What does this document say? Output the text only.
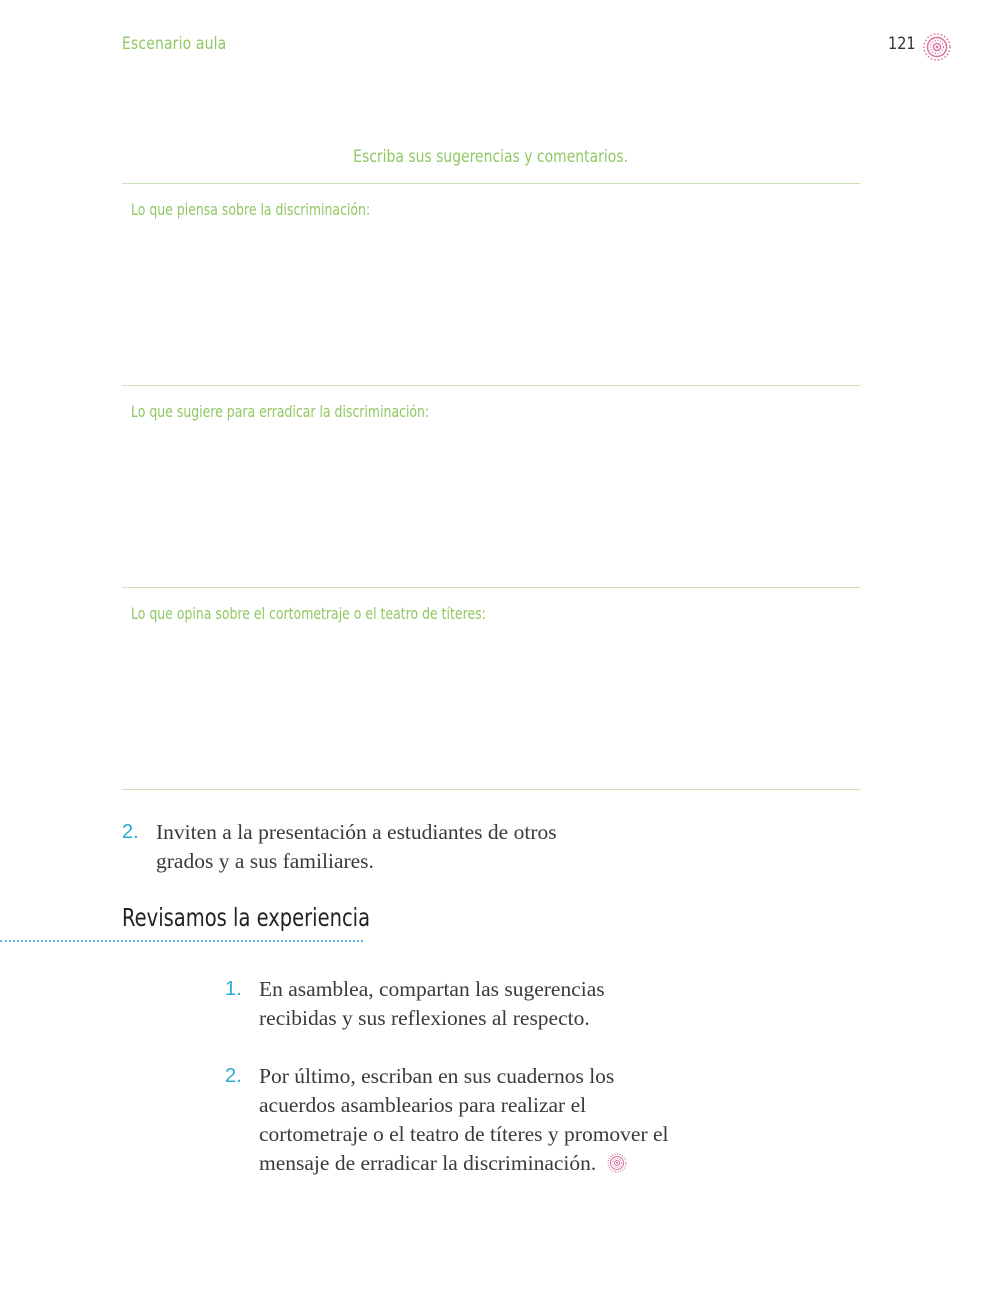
Escenario aula	121
Escriba sus sugerencias y comentarios.
Lo que piensa sobre la discriminación:
Lo que sugiere para erradicar la discriminación:
Lo que opina sobre el cortometraje o el teatro de títeres:
2. Inviten a la presentación a estudiantes de otros
grados y a sus familiares.
Revisamos la experiencia
1. En asamblea, compartan las sugerencias
recibidas y sus reflexiones al respecto.
2. Por último, escriban en sus cuadernos los
acuerdos asamblearios para realizar el
cortometraje o el teatro de títeres y promover el
mensaje de erradicar la discriminación.
